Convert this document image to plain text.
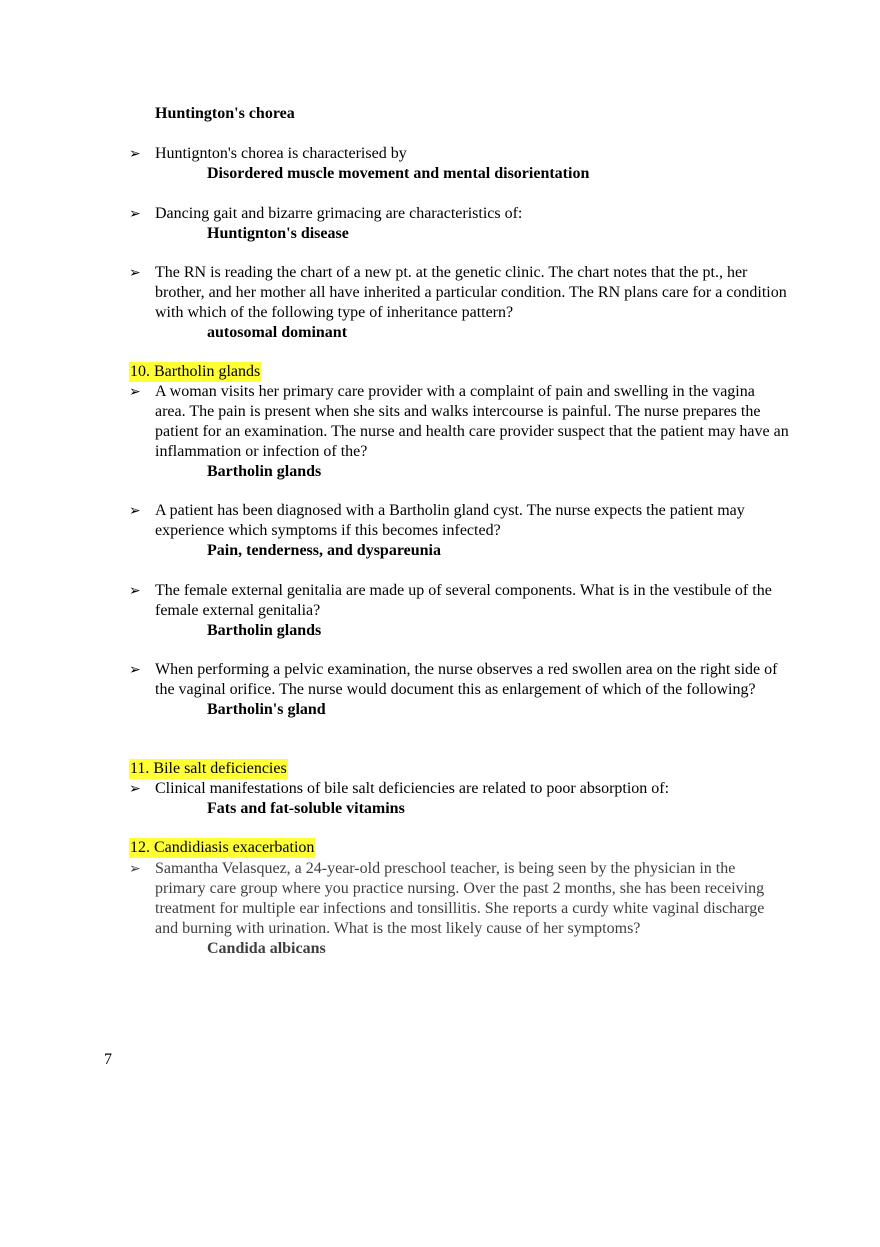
Huntington's chorea
➢ Huntignton's chorea is characterised by
Disordered muscle movement and mental disorientation
➢ Dancing gait and bizarre grimacing are characteristics of:
Huntignton's disease
➢ The RN is reading the chart of a new pt. at the genetic clinic. The chart notes that the pt., her brother, and her mother all have inherited a particular condition. The RN plans care for a condition with which of the following type of inheritance pattern?
autosomal dominant
10. Bartholin glands
➢ A woman visits her primary care provider with a complaint of pain and swelling in the vagina area. The pain is present when she sits and walks intercourse is painful. The nurse prepares the patient for an examination. The nurse and health care provider suspect that the patient may have an inflammation or infection of the?
Bartholin glands
➢ A patient has been diagnosed with a Bartholin gland cyst. The nurse expects the patient may experience which symptoms if this becomes infected?
Pain, tenderness, and dyspareunia
➢ The female external genitalia are made up of several components. What is in the vestibule of the female external genitalia?
Bartholin glands
➢ When performing a pelvic examination, the nurse observes a red swollen area on the right side of the vaginal orifice. The nurse would document this as enlargement of which of the following?
Bartholin's gland
11. Bile salt deficiencies
➢ Clinical manifestations of bile salt deficiencies are related to poor absorption of:
Fats and fat-soluble vitamins
12. Candidiasis exacerbation
➢ Samantha Velasquez, a 24-year-old preschool teacher, is being seen by the physician in the primary care group where you practice nursing. Over the past 2 months, she has been receiving treatment for multiple ear infections and tonsillitis. She reports a curdy white vaginal discharge and burning with urination. What is the most likely cause of her symptoms?
Candida albicans
7
